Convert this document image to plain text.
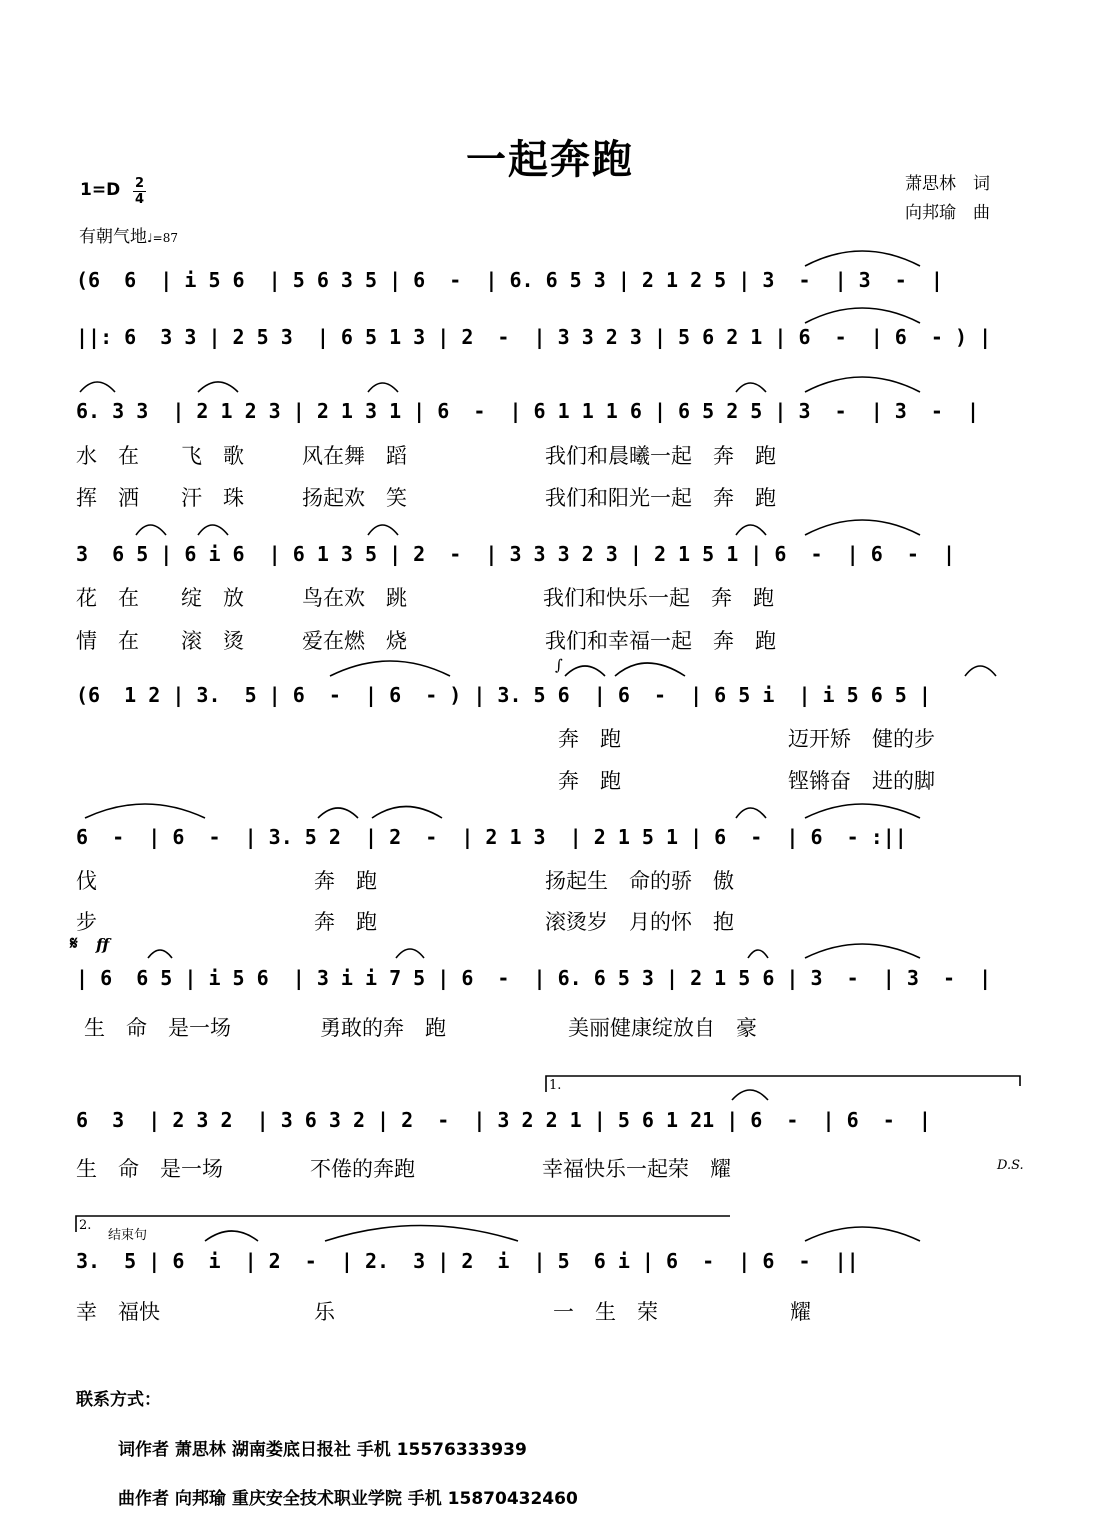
一起奔跑
萧思林　词
向邦瑜　曲
1=D 2
4
有朝气地♩=87
(6  6  | i 5 6  | 5 6 3 5 | 6  -  | 6. 6 5 3 | 2 1 2 5 | 3  -  | 3  -  |
||: 6  3 3 | 2 5 3  | 6 5 1 3 | 2  -  | 3 3 2 3 | 5 6 2 1 | 6  -  | 6  - ) |
6. 3 3  | 2 1 2 3 | 2 1 3 1 | 6  -  | 6 1 1 1 6 | 6 5 2 5 | 3  -  | 3  -  |
3  6 5 | 6 i 6  | 6 1 3 5 | 2  -  | 3 3 3 2 3 | 2 1 5 1 | 6  -  | 6  -  |
(6  1 2 | 3.  5 | 6  -  | 6  - ) | 3. 5 6  | 6  -  | 6 5 i  | i 5 6 5 |
6  -  | 6  -  | 3. 5 2  | 2  -  | 2 1 3  | 2 1 5 1 | 6  -  | 6  - :||
| 6  6 5 | i 5 6  | 3 i i 7 5 | 6  -  | 6. 6 5 3 | 2 1 5 6 | 3  -  | 3  -  |
6  3  | 2 3 2  | 3 6 3 2 | 2  -  | 3 2 2 1 | 5 6 1 21 | 6  -  | 6  -  |
3.  5 | 6  i  | 2  -  | 2.  3 | 2  i  | 5  6 i | 6  -  | 6  -  ||
水　在　　飞　歌	风在舞　蹈	我们和晨曦一起　奔　跑
挥　洒　　汗　珠	扬起欢　笑	我们和阳光一起　奔　跑
花　在　　绽　放	鸟在欢　跳	我们和快乐一起　奔　跑
情　在　　滚　烫	爱在燃　烧	我们和幸福一起　奔　跑
奔　跑	迈开矫　健的步
奔　跑	铿锵奋　进的脚
伐	奔　跑	扬起生　命的骄　傲
步	奔　跑	滚烫岁　月的怀　抱
生　命　是一场	勇敢的奔　跑	美丽健康绽放自　豪
生　命　是一场	不倦的奔跑	幸福快乐一起荣　耀
幸　福快	乐	一　生　荣	耀
𝄋 ff
D.S.
1.
2.
结束句
∫
联系方式：
词作者 萧思林 湖南娄底日报社 手机 15576333939
曲作者 向邦瑜 重庆安全技术职业学院 手机 15870432460
